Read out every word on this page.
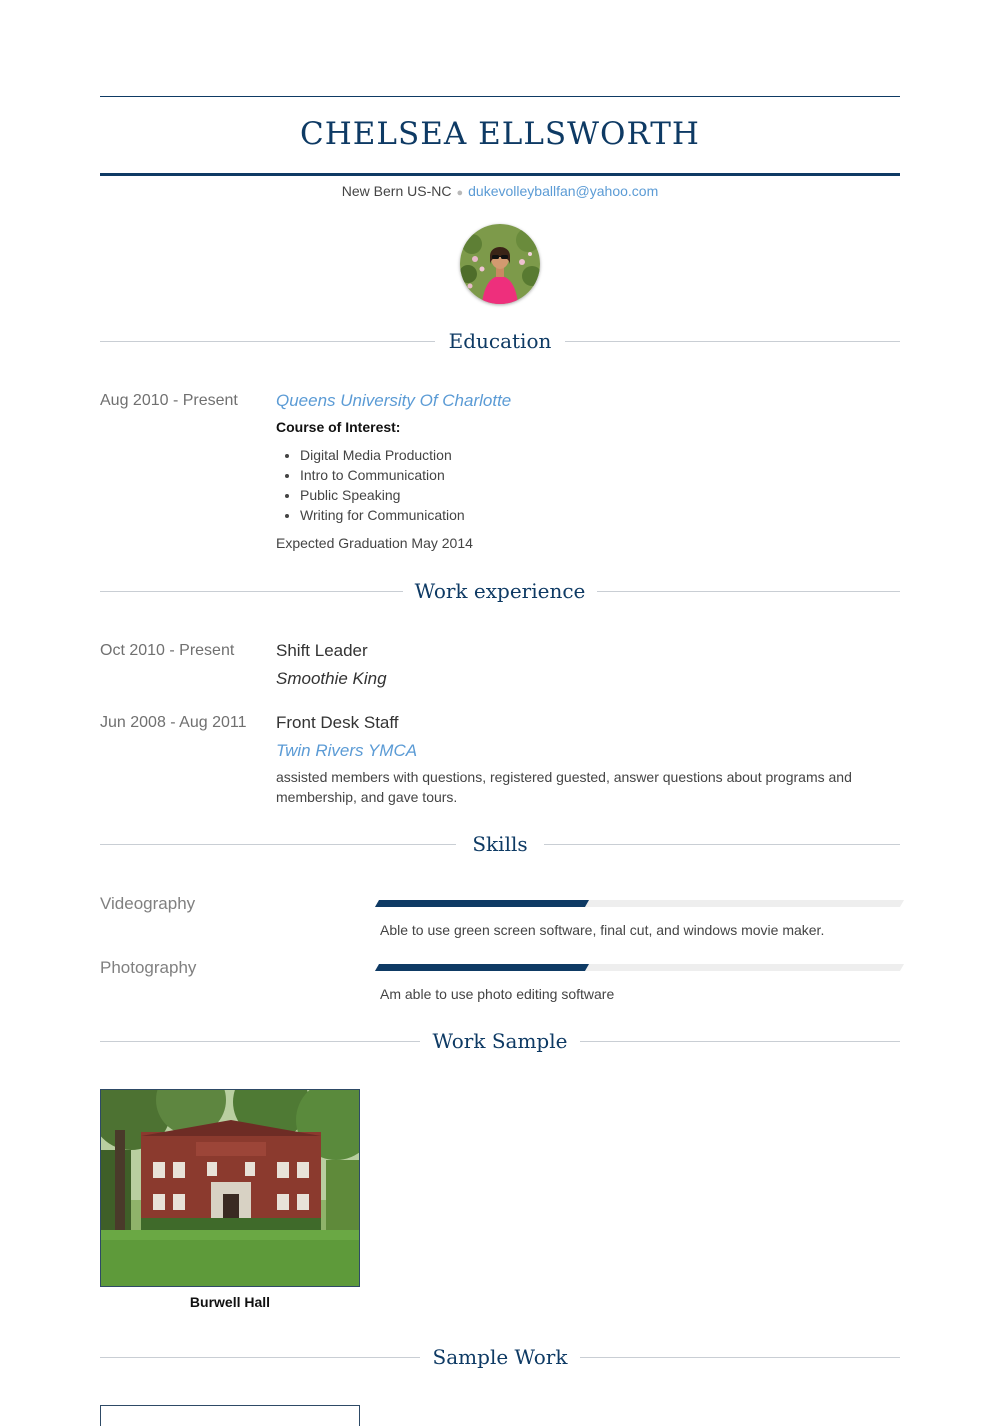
CHELSEA ELLSWORTH
New Bern US-NC ● dukevolleyballfan@yahoo.com
Education
Aug 2010 - Present Queens University Of Charlotte
Course of Interest:
• Digital Media Production
• Intro to Communication
• Public Speaking
• Writing for Communication
Expected Graduation May 2014
Work experience
Oct 2010 - Present Shift Leader
Smoothie King
Jun 2008 - Aug 2011 Front Desk Staff
Twin Rivers YMCA
assisted members with questions, registered guested, answer questions about programs and membership, and gave tours.
Skills
Videography
Able to use green screen software, final cut, and windows movie maker.
Photography
Am able to use photo editing software
Work Sample
Burwell Hall
Sample Work
